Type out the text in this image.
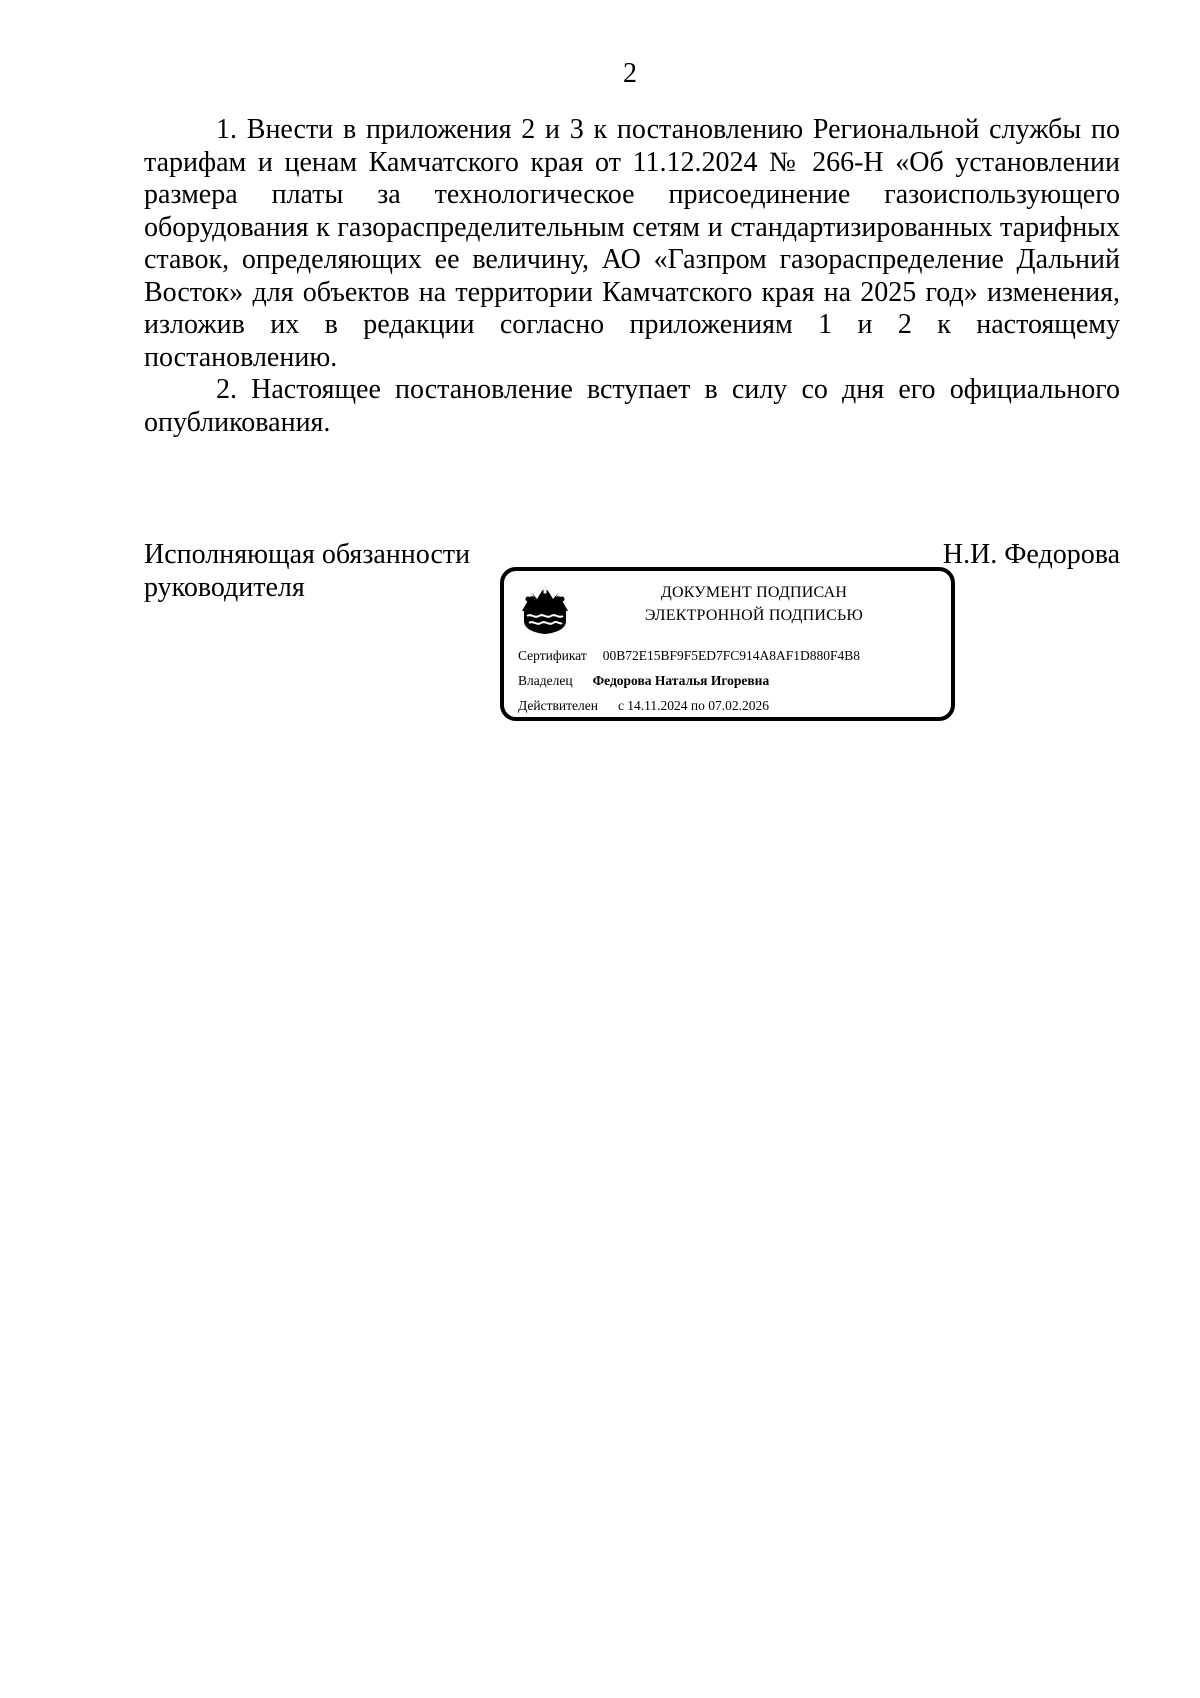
2

1. Внести в приложения 2 и 3 к постановлению Региональной службы по тарифам и ценам Камчатского края от 11.12.2024 № 266-Н «Об установлении размера платы за технологическое присоединение газоиспользующего оборудования к газораспределительным сетям и стандартизированных тарифных ставок, определяющих ее величину, АО «Газпром газораспределение Дальний Восток» для объектов на территории Камчатского края на 2025 год» изменения, изложив их в редакции согласно приложениям 1 и 2 к настоящему постановлению.

2. Настоящее постановление вступает в силу со дня его официального опубликования.

Исполняющая обязанности
руководителя
Н.И. Федорова
ДОКУМЕНТ ПОДПИСАН
ЭЛЕКТРОННОЙ ПОДПИСЬЮ
Сертификат 00B72E15BF9F5ED7FC914A8AF1D880F4B8
Владелец Федорова Наталья Игоревна
Действителен с 14.11.2024 по 07.02.2026
